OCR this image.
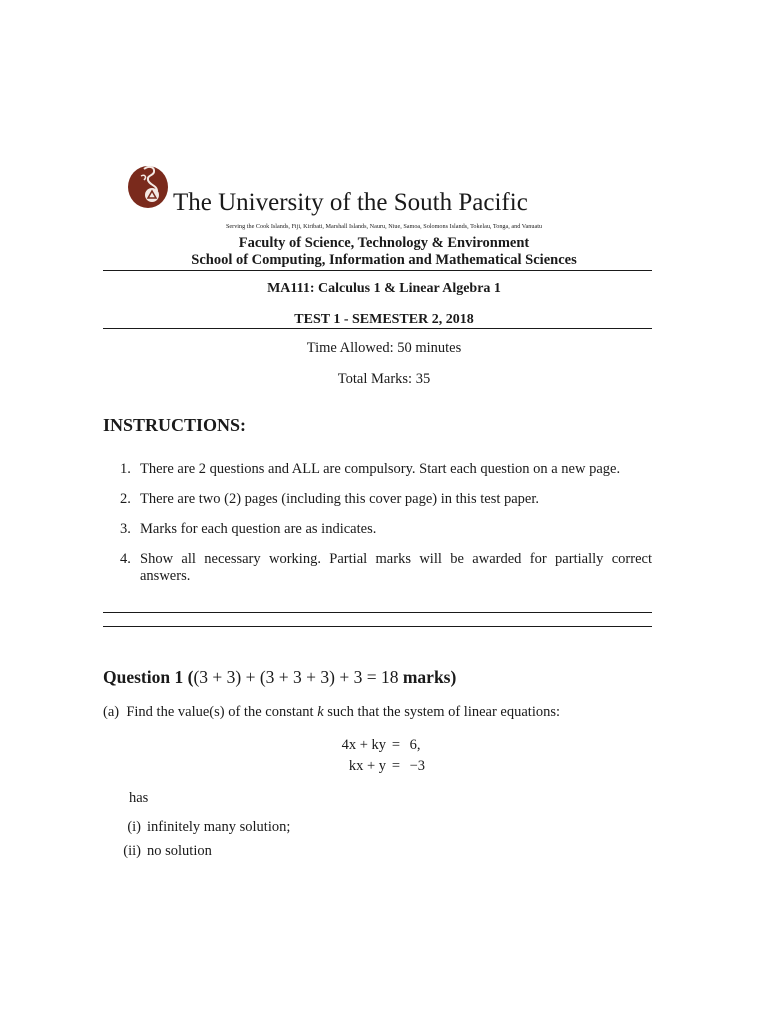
The University of the South Pacific
Serving the Cook Islands, Fiji, Kiribati, Marshall Islands, Nauru, Niue, Samoa, Solomons Islands, Tokelau, Tonga, and Vanuatu
Faculty of Science, Technology & Environment
School of Computing, Information and Mathematical Sciences
MA111: Calculus 1 & Linear Algebra 1
TEST 1 - SEMESTER 2, 2018
Time Allowed: 50 minutes
Total Marks: 35
INSTRUCTIONS:
1. There are 2 questions and ALL are compulsory. Start each question on a new page.
2. There are two (2) pages (including this cover page) in this test paper.
3. Marks for each question are as indicates.
4. Show all necessary working. Partial marks will be awarded for partially correct answers.
Question 1 ((3 + 3) + (3 + 3 + 3) + 3 = 18 marks)
(a) Find the value(s) of the constant k such that the system of linear equations:
4x + ky = 6,
kx + y = −3
has
(i) infinitely many solution;
(ii) no solution
